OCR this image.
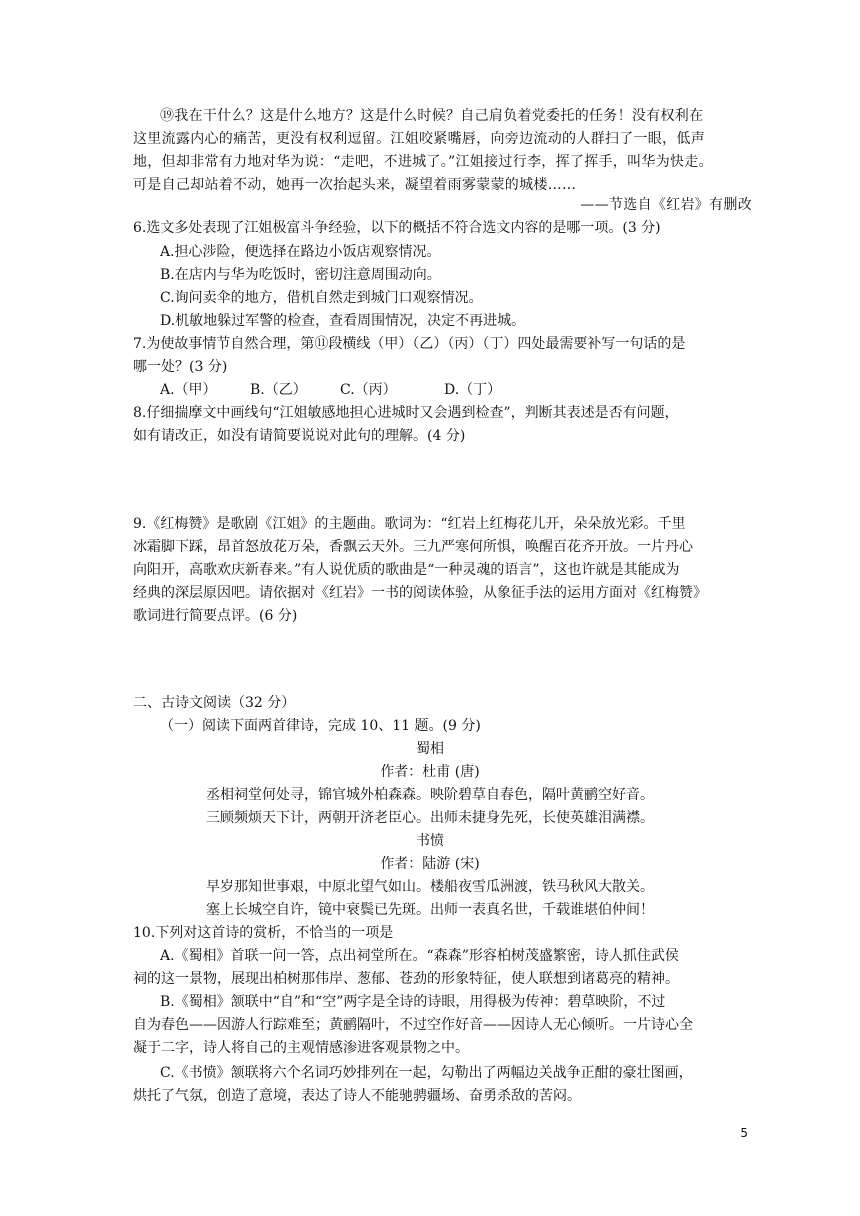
⑲我在干什么？这是什么地方？这是什么时候？自己肩负着党委托的任务！没有权利在
这里流露内心的痛苦，更没有权利逗留。江姐咬紧嘴唇，向旁边流动的人群扫了一眼，低声
地，但却非常有力地对华为说：“走吧，不进城了。”江姐接过行李，挥了挥手，叫华为快走。
可是自己却站着不动，她再一次抬起头来，凝望着雨雾蒙蒙的城楼……
——节选自《红岩》有删改
6.选文多处表现了江姐极富斗争经验，以下的概括不符合选文内容的是哪一项。(3 分)
A.担心涉险，便选择在路边小饭店观察情况。
B.在店内与华为吃饭时，密切注意周围动向。
C.询问卖伞的地方，借机自然走到城门口观察情况。
D.机敏地躲过军警的检查，查看周围情况，决定不再进城。
7.为使故事情节自然合理，第⑪段横线（甲）（乙）（丙）（丁）四处最需要补写一句话的是
哪一处？(3 分)
A.（甲） B.（乙） C.（丙）	D.（丁）
8.仔细揣摩文中画线句“江姐敏感地担心进城时又会遇到检查”，判断其表述是否有问题，
如有请改正，如没有请简要说说对此句的理解。(4 分)
9.《红梅赞》是歌剧《江姐》的主题曲。歌词为：“红岩上红梅花儿开，朵朵放光彩。千里
冰霜脚下踩，昂首怒放花万朵，香飘云天外。三九严寒何所惧，唤醒百花齐开放。一片丹心
向阳开，高歌欢庆新春来。”有人说优质的歌曲是“一种灵魂的语言”，这也许就是其能成为
经典的深层原因吧。请依据对《红岩》一书的阅读体验，从象征手法的运用方面对《红梅赞》
歌词进行简要点评。(6 分)
二、古诗文阅读（32 分）
（一）阅读下面两首律诗，完成 10、11 题。(9 分)
蜀相
作者：杜甫 (唐)
丞相祠堂何处寻，锦官城外柏森森。映阶碧草自春色，隔叶黄鹂空好音。
三顾频烦天下计，两朝开济老臣心。出师未捷身先死，长使英雄泪满襟。
书愤
作者：陆游 (宋)
早岁那知世事艰，中原北望气如山。楼船夜雪瓜洲渡，铁马秋风大散关。
塞上长城空自许，镜中衰鬓已先斑。出师一表真名世，千载谁堪伯仲间！
10.下列对这首诗的赏析，不恰当的一项是
A.《蜀相》首联一问一答，点出祠堂所在。“森森”形容柏树茂盛繁密，诗人抓住武侯
祠的这一景物，展现出柏树那伟岸、葱郁、苍劲的形象特征，使人联想到诸葛亮的精神。
B.《蜀相》颔联中“自”和“空”两字是全诗的诗眼，用得极为传神：碧草映阶，不过
自为春色——因游人行踪难至；黄鹂隔叶，不过空作好音——因诗人无心倾听。一片诗心全
凝于二字，诗人将自己的主观情感渗进客观景物之中。
C.《书愤》颔联将六个名词巧妙排列在一起，勾勒出了两幅边关战争正酣的豪壮图画，
烘托了气氛，创造了意境，表达了诗人不能驰骋疆场、奋勇杀敌的苦闷。
5
